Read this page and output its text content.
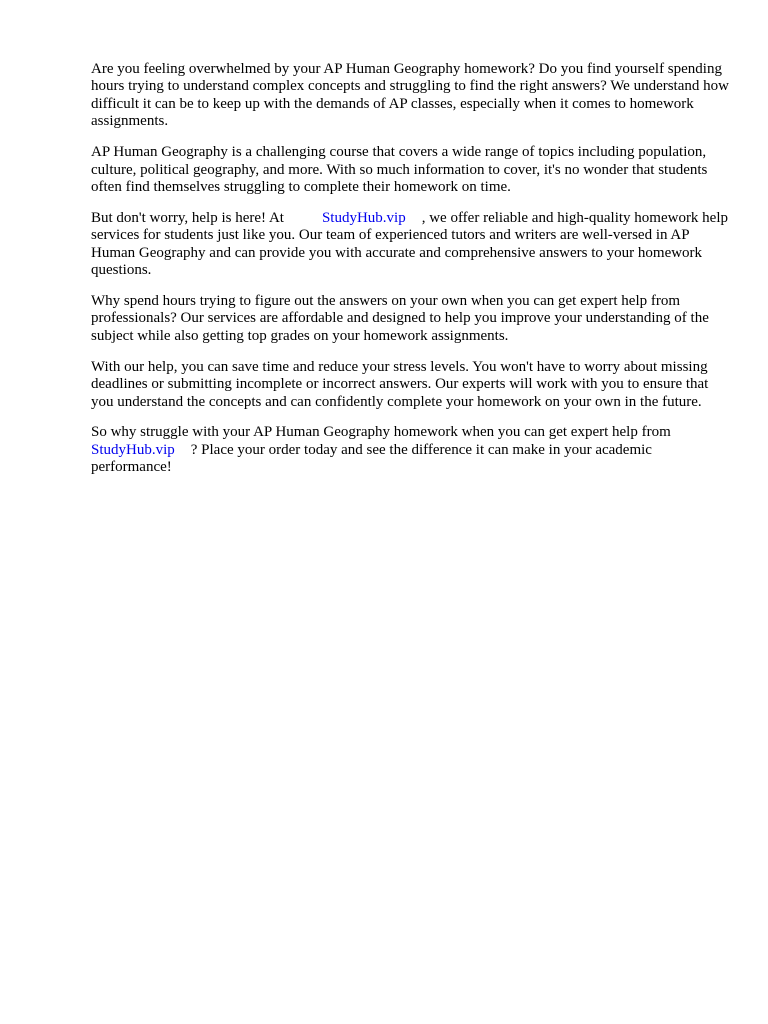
Are you feeling overwhelmed by your AP Human Geography homework? Do you find yourself spending hours trying to understand complex concepts and struggling to find the right answers? We understand how difficult it can be to keep up with the demands of AP classes, especially when it comes to homework assignments.

AP Human Geography is a challenging course that covers a wide range of topics including population, culture, political geography, and more. With so much information to cover, it's no wonder that students often find themselves struggling to complete their homework on time.

But don't worry, help is here! At	StudyHub.vip , we offer reliable and high-quality homework help services for students just like you. Our team of experienced tutors and writers are well-versed in AP Human Geography and can provide you with accurate and comprehensive answers to your homework questions.

Why spend hours trying to figure out the answers on your own when you can get expert help from professionals? Our services are affordable and designed to help you improve your understanding of the subject while also getting top grades on your homework assignments.

With our help, you can save time and reduce your stress levels. You won't have to worry about missing deadlines or submitting incomplete or incorrect answers. Our experts will work with you to ensure that you understand the concepts and can confidently complete your homework on your own in the future.

So why struggle with your AP Human Geography homework when you can get expert help from StudyHub.vip ? Place your order today and see the difference it can make in your academic performance!
